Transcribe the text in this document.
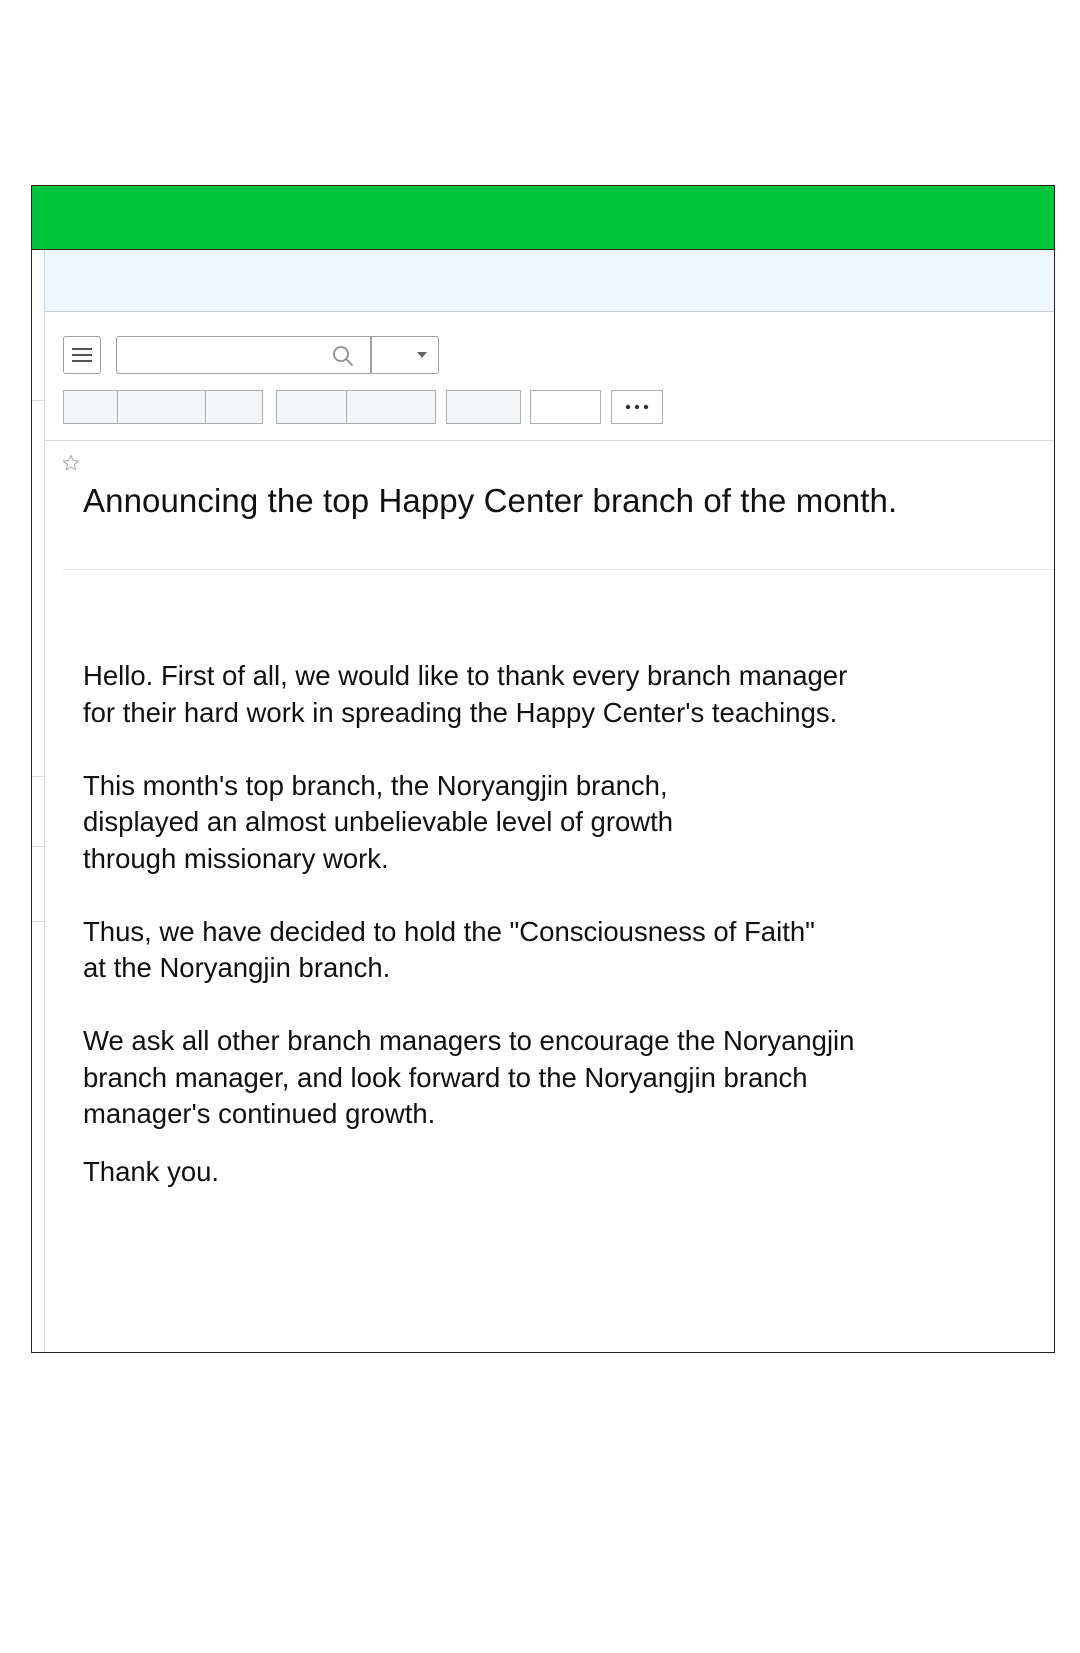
Announcing the top Happy Center branch of the month.

Hello. First of all, we would like to thank every branch manager
for their hard work in spreading the Happy Center's teachings.

This month's top branch, the Noryangjin branch,
displayed an almost unbelievable level of growth
through missionary work.

Thus, we have decided to hold the "Consciousness of Faith"
at the Noryangjin branch.

We ask all other branch managers to encourage the Noryangjin
branch manager, and look forward to the Noryangjin branch
manager's continued growth.

Thank you.
